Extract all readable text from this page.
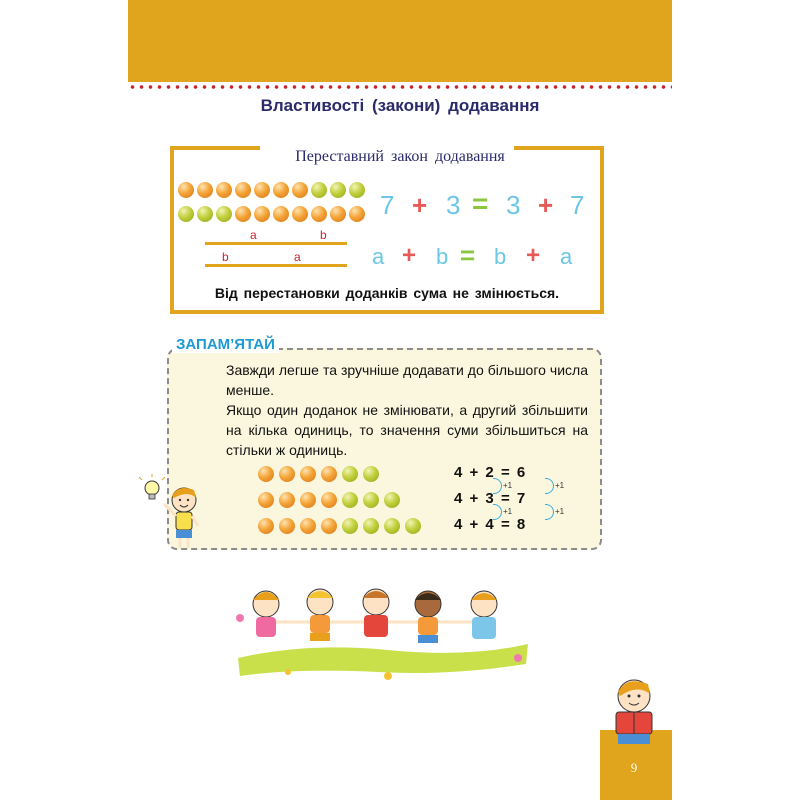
Властивості (закони) додавання
Переставний закон додавання
7 + 3 = 3 + 7
a	b
b	a	a + b = b + a
Від перестановки доданків сума не змінюється.
ЗАПАМ’ЯТАЙ
Завжди легше та зручніше додавати до більшого числа менше.
Якщо один доданок не змінювати, а другий збільшити на кілька одиниць, то значення суми збільшиться на стільки ж одиниць.
4 + 2 = 6
4 + 3 = 7
4 + 4 = 8
+1
+1
+1
+1
9
